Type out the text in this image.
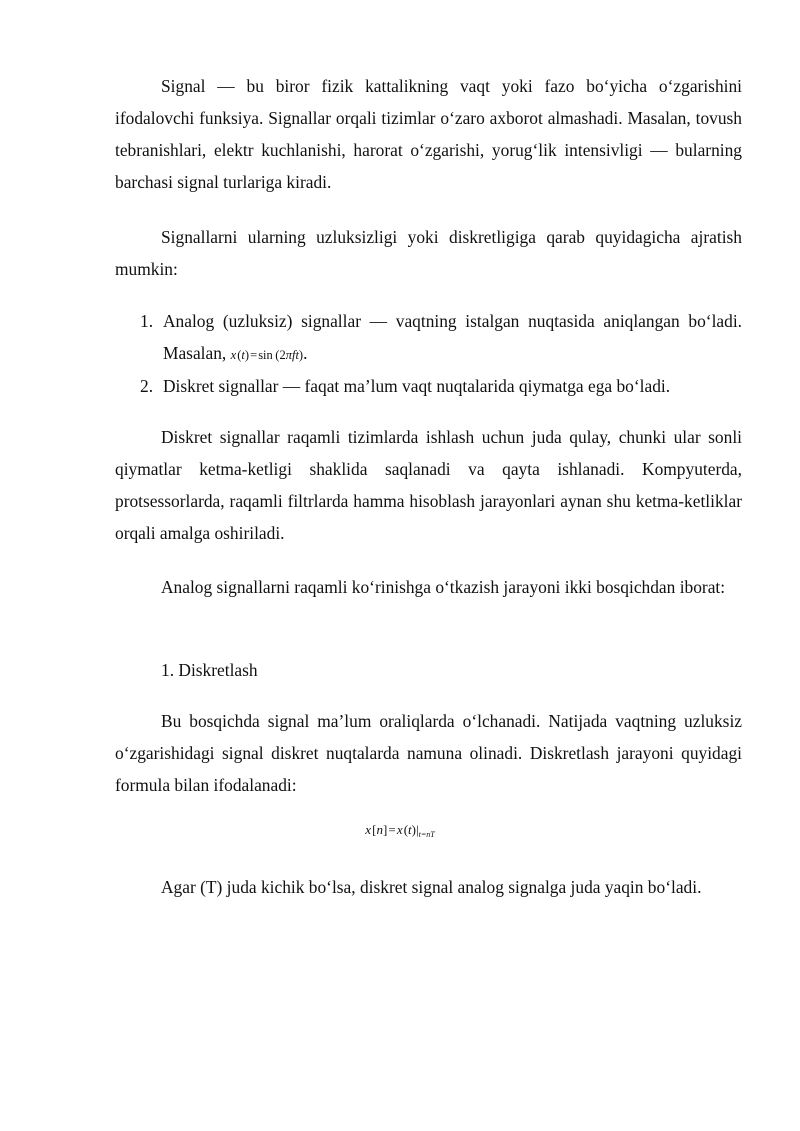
Signal — bu biror fizik kattalikning vaqt yoki fazo bo‘yicha o‘zgarishini ifodalovchi funksiya. Signallar orqali tizimlar o‘zaro axborot almashadi. Masalan, tovush tebranishlari, elektr kuchlanishi, harorat o‘zgarishi, yorug‘lik intensivligi — bularning barchasi signal turlariga kiradi.

Signallarni ularning uzluksizligi yoki diskretligiga qarab quyidagicha ajratish mumkin:

1. Analog (uzluksiz) signallar — vaqtning istalgan nuqtasida aniqlangan bo‘ladi. Masalan, x (t) = sin (2πft).
2. Diskret signallar — faqat ma’lum vaqt nuqtalarida qiymatga ega bo‘ladi.

Diskret signallar raqamli tizimlarda ishlash uchun juda qulay, chunki ular sonli qiymatlar ketma-ketligi shaklida saqlanadi va qayta ishlanadi. Kompyuterda, protsessorlarda, raqamli filtrlarda hamma hisoblash jarayonlari aynan shu ketma-ketliklar orqali amalga oshiriladi.

Analog signallarni raqamli ko‘rinishga o‘tkazish jarayoni ikki bosqichdan iborat:

1. Diskretlash

Bu bosqichda signal ma’lum oraliqlarda o‘lchanadi. Natijada vaqtning uzluksiz o‘zgarishidagi signal diskret nuqtalarda namuna olinadi. Diskretlash jarayoni quyidagi formula bilan ifodalanadi:

x [n] = x $(t)|_{t=nT}$

Agar (T) juda kichik bo‘lsa, diskret signal analog signalga juda yaqin bo‘ladi.
